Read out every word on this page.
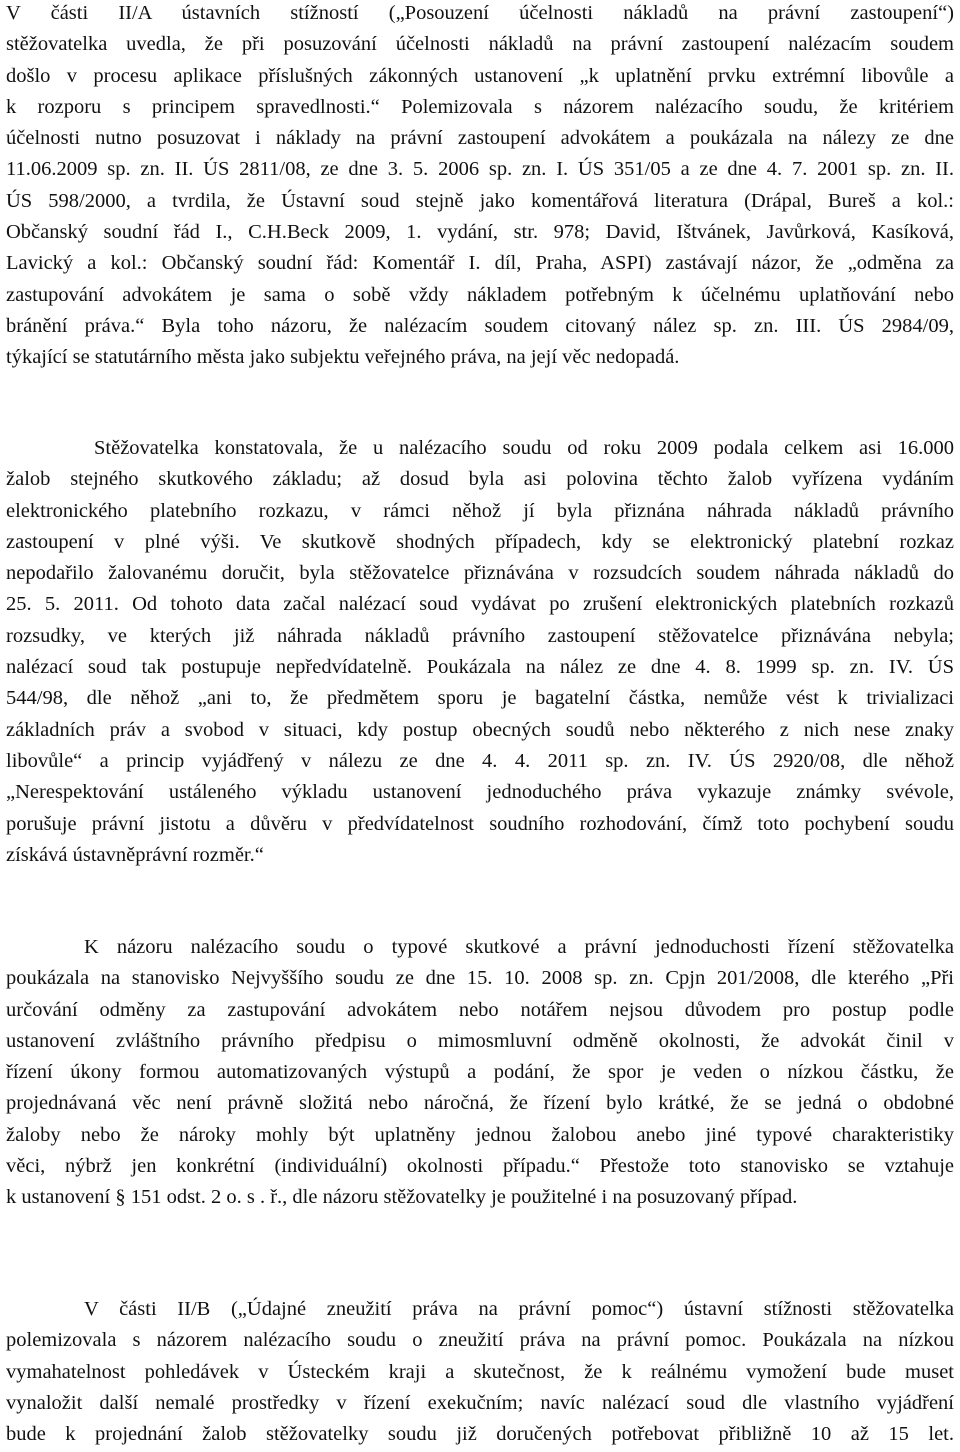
V části II/A ústavních stížností („Posouzení účelnosti nákladů na právní zastoupení“)
stěžovatelka uvedla, že při posuzování účelnosti nákladů na právní zastoupení nalézacím soudem
došlo v procesu aplikace příslušných zákonných ustanovení „k uplatnění prvku extrémní libovůle a
k rozporu s principem spravedlnosti.“ Polemizovala s názorem nalézacího soudu, že kritériem
účelnosti nutno posuzovat i náklady na právní zastoupení advokátem a poukázala na nálezy ze dne
11.06.2009 sp. zn. II. ÚS 2811/08, ze dne 3. 5. 2006 sp. zn. I. ÚS 351/05 a ze dne 4. 7. 2001 sp. zn. II.
ÚS 598/2000, a tvrdila, že Ústavní soud stejně jako komentářová literatura (Drápal, Bureš a kol.:
Občanský soudní řád I., C.H.Beck 2009, 1. vydání, str. 978; David, Ištvánek, Javůrková, Kasíková,
Lavický a kol.: Občanský soudní řád: Komentář I. díl, Praha, ASPI) zastávají názor, že „odměna za
zastupování advokátem je sama o sobě vždy nákladem potřebným k účelnému uplatňování nebo
bránění práva.“ Byla toho názoru, že nalézacím soudem citovaný nález sp. zn. III. ÚS 2984/09,
týkající se statutárního města jako subjektu veřejného práva, na její věc nedopadá.
Stěžovatelka konstatovala, že u nalézacího soudu od roku 2009 podala celkem asi 16.000
žalob stejného skutkového základu; až dosud byla asi polovina těchto žalob vyřízena vydáním
elektronického platebního rozkazu, v rámci něhož jí byla přiznána náhrada nákladů právního
zastoupení v plné výši. Ve skutkově shodných případech, kdy se elektronický platební rozkaz
nepodařilo žalovanému doručit, byla stěžovatelce přiznávána v rozsudcích soudem náhrada nákladů do
25. 5. 2011. Od tohoto data začal nalézací soud vydávat po zrušení elektronických platebních rozkazů
rozsudky, ve kterých již náhrada nákladů právního zastoupení stěžovatelce přiznávána nebyla;
nalézací soud tak postupuje nepředvídatelně. Poukázala na nález ze dne 4. 8. 1999 sp. zn. IV. ÚS
544/98, dle něhož „ani to, že předmětem sporu je bagatelní částka, nemůže vést k trivializaci
základních práv a svobod v situaci, kdy postup obecných soudů nebo některého z nich nese znaky
libovůle“ a princip vyjádřený v nálezu ze dne 4. 4. 2011 sp. zn. IV. ÚS 2920/08, dle něhož
„Nerespektování ustáleného výkladu ustanovení jednoduchého práva vykazuje známky svévole,
porušuje právní jistotu a důvěru v předvídatelnost soudního rozhodování, čímž toto pochybení soudu
získává ústavněprávní rozměr.“
K názoru nalézacího soudu o typové skutkové a právní jednoduchosti řízení stěžovatelka
poukázala na stanovisko Nejvyššího soudu ze dne 15. 10. 2008 sp. zn. Cpjn 201/2008, dle kterého „Při
určování odměny za zastupování advokátem nebo notářem nejsou důvodem pro postup podle
ustanovení zvláštního právního předpisu o mimosmluvní odměně okolnosti, že advokát činil v
řízení úkony formou automatizovaných výstupů a podání, že spor je veden o nízkou částku, že
projednávaná věc není právně složitá nebo náročná, že řízení bylo krátké, že se jedná o obdobné
žaloby nebo že nároky mohly být uplatněny jednou žalobou anebo jiné typové charakteristiky
věci, nýbrž jen konkrétní (individuální) okolnosti případu.“ Přestože toto stanovisko se vztahuje
k ustanovení § 151 odst. 2 o. s . ř., dle názoru stěžovatelky je použitelné i na posuzovaný případ.
V části II/B („Údajné zneužití práva na právní pomoc“) ústavní stížnosti stěžovatelka
polemizovala s názorem nalézacího soudu o zneužití práva na právní pomoc. Poukázala na nízkou
vymahatelnost pohledávek v Ústeckém kraji a skutečnost, že k reálnému vymožení bude muset
vynaložit další nemalé prostředky v řízení exekučním; navíc nalézací soud dle vlastního vyjádření
bude k projednání žalob stěžovatelky soudu již doručených potřebovat přibližně 10 až 15 let.
